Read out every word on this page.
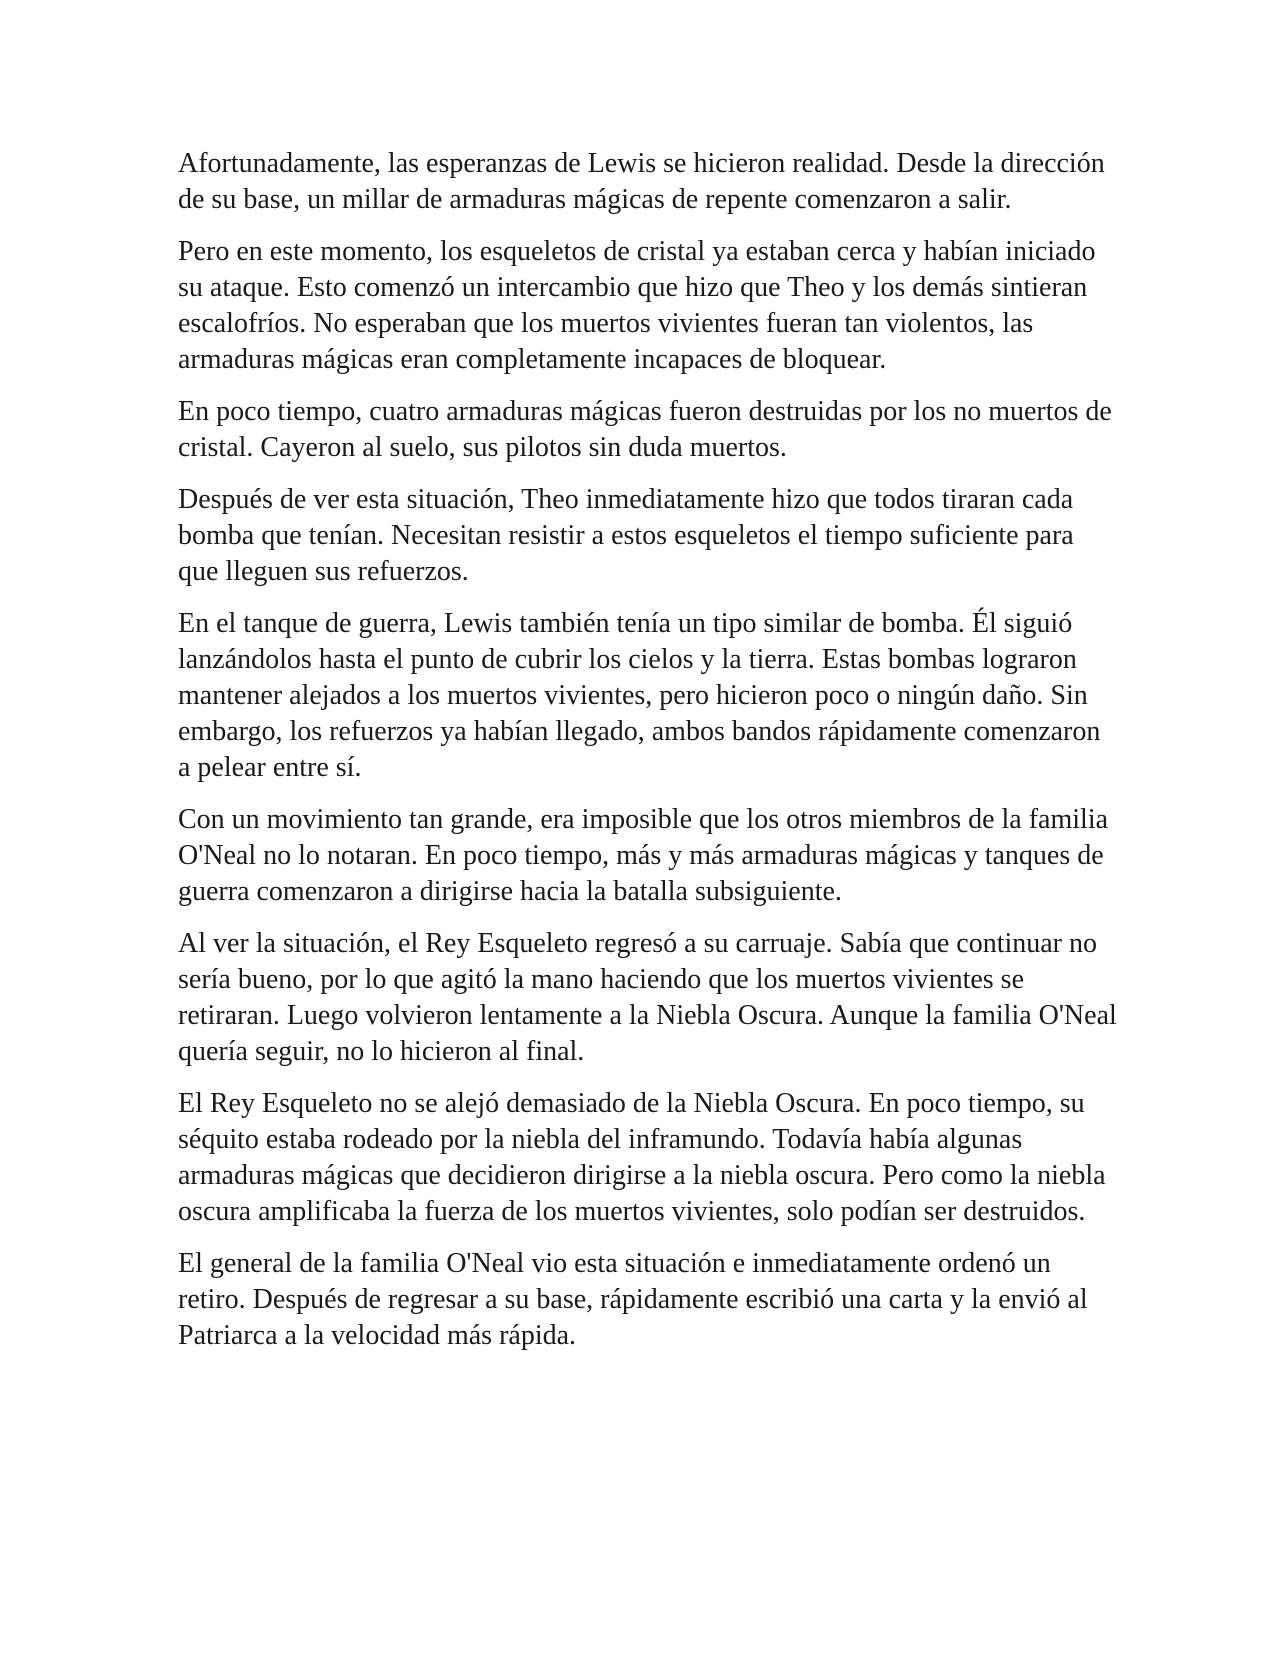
Afortunadamente, las esperanzas de Lewis se hicieron realidad. Desde la dirección de su base, un millar de armaduras mágicas de repente comenzaron a salir.

Pero en este momento, los esqueletos de cristal ya estaban cerca y habían iniciado su ataque. Esto comenzó un intercambio que hizo que Theo y los demás sintieran escalofríos. No esperaban que los muertos vivientes fueran tan violentos, las armaduras mágicas eran completamente incapaces de bloquear.

En poco tiempo, cuatro armaduras mágicas fueron destruidas por los no muertos de cristal. Cayeron al suelo, sus pilotos sin duda muertos.

Después de ver esta situación, Theo inmediatamente hizo que todos tiraran cada bomba que tenían. Necesitan resistir a estos esqueletos el tiempo suficiente para que lleguen sus refuerzos.

En el tanque de guerra, Lewis también tenía un tipo similar de bomba. Él siguió lanzándolos hasta el punto de cubrir los cielos y la tierra. Estas bombas lograron mantener alejados a los muertos vivientes, pero hicieron poco o ningún daño. Sin embargo, los refuerzos ya habían llegado, ambos bandos rápidamente comenzaron a pelear entre sí.

Con un movimiento tan grande, era imposible que los otros miembros de la familia O'Neal no lo notaran. En poco tiempo, más y más armaduras mágicas y tanques de guerra comenzaron a dirigirse hacia la batalla subsiguiente.

Al ver la situación, el Rey Esqueleto regresó a su carruaje. Sabía que continuar no sería bueno, por lo que agitó la mano haciendo que los muertos vivientes se retiraran. Luego volvieron lentamente a la Niebla Oscura. Aunque la familia O'Neal quería seguir, no lo hicieron al final.

El Rey Esqueleto no se alejó demasiado de la Niebla Oscura. En poco tiempo, su séquito estaba rodeado por la niebla del inframundo. Todavía había algunas armaduras mágicas que decidieron dirigirse a la niebla oscura. Pero como la niebla oscura amplificaba la fuerza de los muertos vivientes, solo podían ser destruidos.

El general de la familia O'Neal vio esta situación e inmediatamente ordenó un retiro. Después de regresar a su base, rápidamente escribió una carta y la envió al Patriarca a la velocidad más rápida.
